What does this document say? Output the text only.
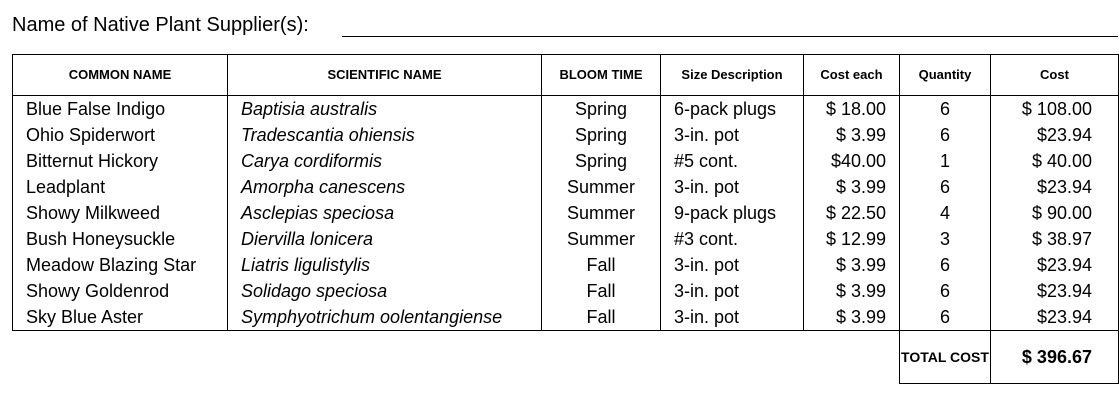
Name of Native Plant Supplier(s):
COMMON NAME	SCIENTIFIC NAME	BLOOM TIME	Size Description	Cost each	Quantity	Cost
Blue False Indigo	Baptisia australis	Spring	6-pack plugs	$ 18.00	6	$ 108.00
Ohio Spiderwort	Tradescantia ohiensis	Spring	3-in. pot	$ 3.99	6	$23.94
Bitternut Hickory	Carya cordiformis	Spring	#5 cont.	$40.00	1	$ 40.00
Leadplant	Amorpha canescens	Summer	3-in. pot	$ 3.99	6	$23.94
Showy Milkweed	Asclepias speciosa	Summer	9-pack plugs	$ 22.50	4	$ 90.00
Bush Honeysuckle	Diervilla lonicera	Summer	#3 cont.	$ 12.99	3	$ 38.97
Meadow Blazing Star	Liatris ligulistylis	Fall	3-in. pot	$ 3.99	6	$23.94
Showy Goldenrod	Solidago speciosa	Fall	3-in. pot	$ 3.99	6	$23.94
Sky Blue Aster	Symphyotrichum oolentangiense	Fall	3-in. pot	$ 3.99	6	$23.94
					TOTAL COST	$ 396.67
